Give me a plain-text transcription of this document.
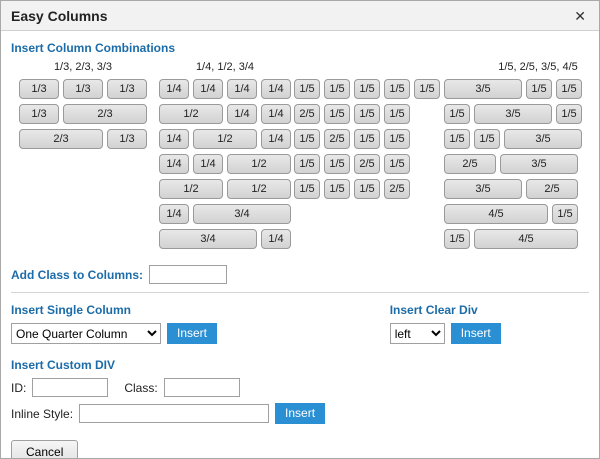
Easy Columns	✕
Insert Column Combinations
1/3, 2/3, 3/3
1/3	1/3	1/3
1/3	2/3
2/3	1/3
1/4, 1/2, 3/4
1/4	1/4	1/4	1/4
1/2	1/4	1/4
1/4	1/2	1/4
1/4	1/4	1/2
1/2	1/2
1/4	3/4
3/4	1/4
1/5, 2/5, 3/5, 4/5
1/5	1/5	1/5	1/5	1/5
2/5	1/5	1/5	1/5
1/5	2/5	1/5	1/5
1/5	1/5	2/5	1/5
1/5	1/5	1/5	2/5
3/5	1/5	1/5
1/5	3/5	1/5
1/5	1/5	3/5
2/5	3/5
3/5	2/5
4/5	1/5
1/5	4/5
Add Class to Columns:
Insert Single Column
One Quarter Column
Insert
Insert Clear Div
left
Insert
Insert Custom DIV
ID:	Class:
Inline Style:	Insert
Cancel
